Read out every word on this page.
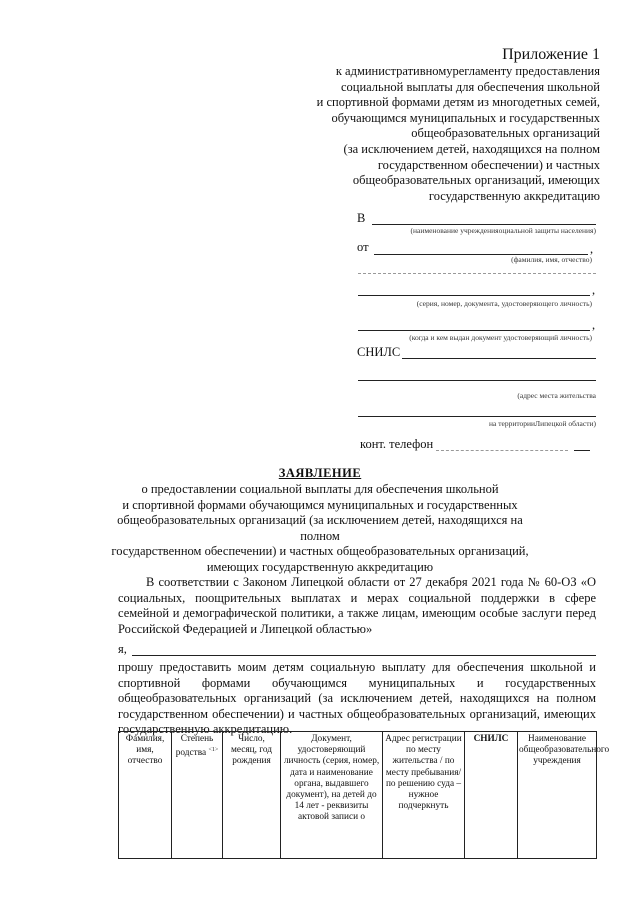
Приложение 1
к административномурегламенту предоставления
социальной выплаты для обеспечения школьной
и спортивной формами детям из многодетных семей,
обучающимся муниципальных и государственных
общеобразовательных организаций
(за исключением детей, находящихся на полном
государственном обеспечении) и частных
общеобразовательных организаций, имеющих
государственную аккредитацию
В
(наименование учрежденияоциальной защиты населения)
от	,
(фамилия, имя, отчество)
,
(серия, номер, документа, удостоверяющего личность)
,
(когда и кем выдан документ удостоверяющий личность)
СНИЛС
(адрес места жительства
на территорииЛипецкой области)
конт. телефон
ЗАЯВЛЕНИЕ
о предоставлении социальной выплаты для обеспечения школьной
и спортивной формами обучающимся муниципальных и государственных
общеобразовательных организаций (за исключением детей, находящихся на полном
государственном обеспечении) и частных общеобразовательных организаций,
имеющих государственную аккредитацию
В соответствии с Законом Липецкой области от 27 декабря 2021 года № 60-ОЗ «О социальных, поощрительных выплатах и мерах социальной поддержки в сфере семейной и демографической политики, а также лицам, имеющим особые заслуги перед Российской Федерацией и Липецкой областью»
я,
прошу предоставить моим детям социальную выплату для обеспечения школьной и спортивной формами обучающимся муниципальных и государственных общеобразовательных организаций (за исключением детей, находящихся на полном государственном обеспечении) и частных общеобразовательных организаций, имеющих государственную аккредитацию.
Фамилия, имя, отчество	Степень родства $^{<1>}$	Число, месяц, год рождения	Документ, удостоверяющий личность (серия, номер, дата и наименование органа, выдавшего документ), на детей до 14 лет - реквизиты актовой записи о	Адрес регистрации по месту жительства / по месту пребывания/ по решению суда – нужное подчеркнуть	СНИЛС	Наименование общеобразовательного учреждения
